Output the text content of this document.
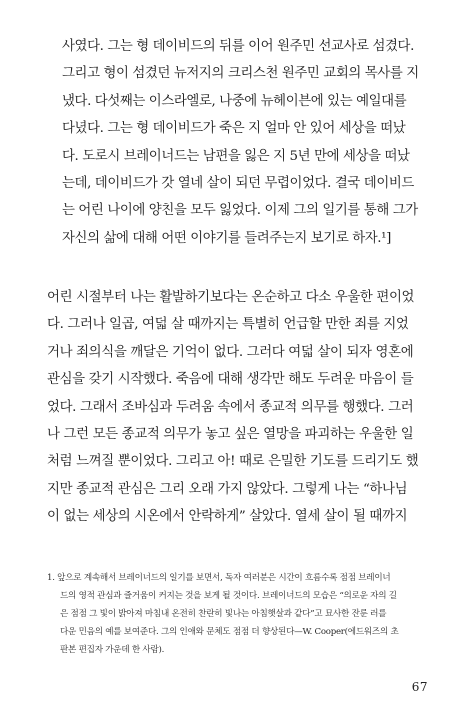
사였다. 그는 형 데이비드의 뒤를 이어 원주민 선교사로 섬겼다.
그리고 형이 섬겼던 뉴저지의 크리스천 원주민 교회의 목사를 지
냈다. 다섯째는 이스라엘로, 나중에 뉴헤이븐에 있는 예일대를
다녔다. 그는 형 데이비드가 죽은 지 얼마 안 있어 세상을 떠났
다. 도로시 브레이너드는 남편을 잃은 지 5년 만에 세상을 떠났
는데, 데이비드가 갓 열네 살이 되던 무렵이었다. 결국 데이비드
는 어린 나이에 양친을 모두 잃었다. 이제 그의 일기를 통해 그가
자신의 삶에 대해 어떤 이야기를 들려주는지 보기로 하자.¹]
어린 시절부터 나는 활발하기보다는 온순하고 다소 우울한 편이었
다. 그러나 일곱, 여덟 살 때까지는 특별히 언급할 만한 죄를 지었
거나 죄의식을 깨달은 기억이 없다. 그러다 여덟 살이 되자 영혼에
관심을 갖기 시작했다. 죽음에 대해 생각만 해도 두려운 마음이 들
었다. 그래서 조바심과 두려움 속에서 종교적 의무를 행했다. 그러
나 그런 모든 종교적 의무가 놓고 싶은 열망을 파괴하는 우울한 일
처럼 느껴질 뿐이었다. 그리고 아! 때로 은밀한 기도를 드리기도 했
지만 종교적 관심은 그리 오래 가지 않았다. 그렇게 나는 “하나님
이 없는 세상의 시온에서 안락하게” 살았다. 열세 살이 될 때까지
1. 앞으로 계속해서 브레이너드의 일기를 보면서, 독자 여러분은 시간이 흐름수록 점점 브레이너
드의 영적 관심과 즐거움이 커지는 것을 보게 될 것이다. 브레이너드의 모습은 “의로운 자의 길
은 점점 그 빛이 밝아져 마침내 온전히 찬란히 빛나는 아침햇살과 같다”고 묘사한 잔룬 러를
다운 민음의 예를 보여준다. 그의 인애와 문체도 점점 더 향상된다—W. Cooper(에드워즈의 초
판본 편집자 가운데 한 사람).
67
